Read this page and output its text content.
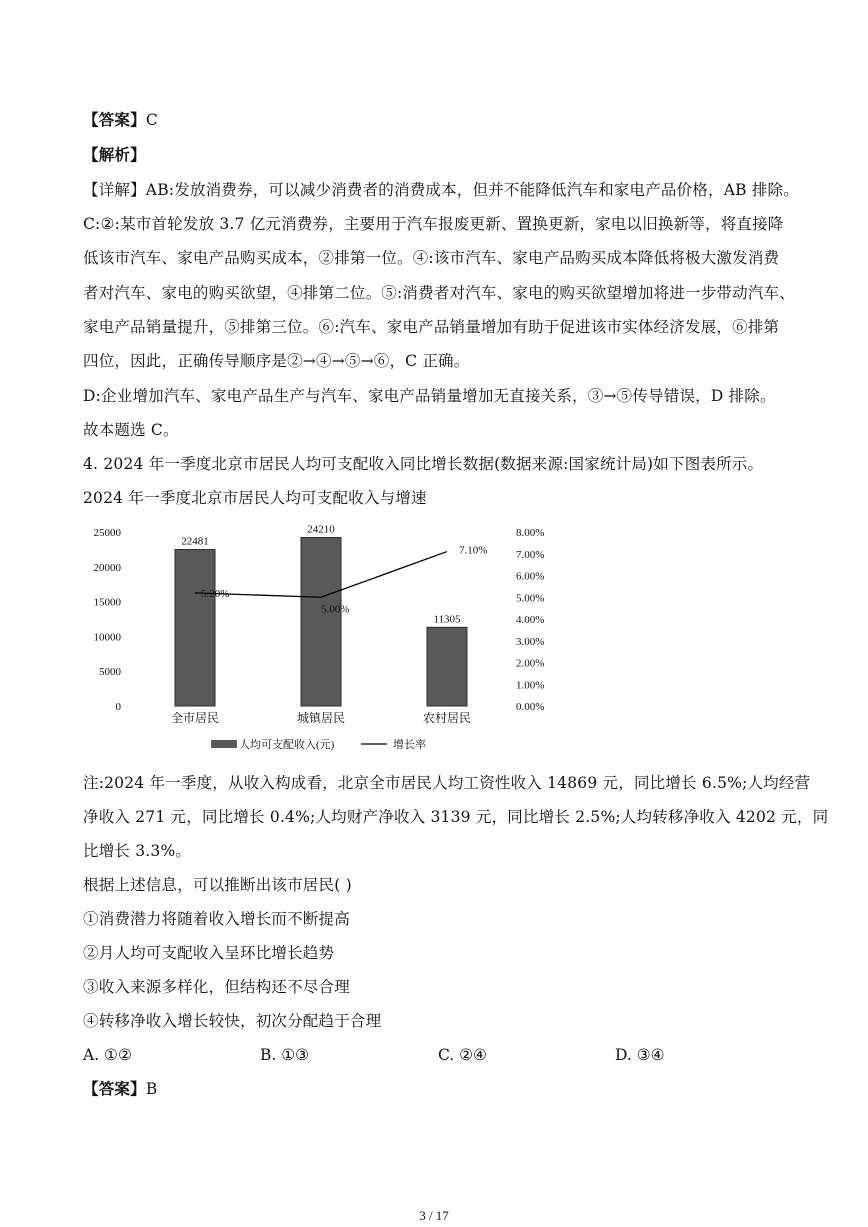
【答案】C
【解析】
【详解】AB:发放消费券，可以减少消费者的消费成本，但并不能降低汽车和家电产品价格，AB 排除。
C:②:某市首轮发放 3.7 亿元消费券，主要用于汽车报废更新、置换更新，家电以旧换新等，将直接降
低该市汽车、家电产品购买成本，②排第一位。④:该市汽车、家电产品购买成本降低将极大激发消费
者对汽车、家电的购买欲望，④排第二位。⑤:消费者对汽车、家电的购买欲望增加将进一步带动汽车、
家电产品销量提升，⑤排第三位。⑥:汽车、家电产品销量增加有助于促进该市实体经济发展，⑥排第
四位，因此，正确传导顺序是②→④→⑤→⑥，C 正确。
D:企业增加汽车、家电产品生产与汽车、家电产品销量增加无直接关系，③→⑤传导错误，D 排除。
故本题选 C。
4. 2024 年一季度北京市居民人均可支配收入同比增长数据(数据来源:国家统计局)如下图表所示。
2024 年一季度北京市居民人均可支配收入与增速
0
5000
10000
15000
20000
25000
0.00%
1.00%
2.00%
3.00%
4.00%
5.00%
6.00%
7.00%
8.00%
22481
24210
11305
全市居民	城镇居民	农村居民
5.20%
5.00%
7.10%
人均可支配收入(元)	增长率
注:2024 年一季度，从收入构成看，北京全市居民人均工资性收入 14869 元，同比增长 6.5%;人均经营
净收入 271 元，同比增长 0.4%;人均财产净收入 3139 元，同比增长 2.5%;人均转移净收入 4202 元，同
比增长 3.3%。
根据上述信息，可以推断出该市居民( )
①消费潜力将随着收入增长而不断提高
②月人均可支配收入呈环比增长趋势
③收入来源多样化，但结构还不尽合理
④转移净收入增长较快，初次分配趋于合理
A. ①②	B. ①③	C. ②④	D. ③④
【答案】B
3 / 17
